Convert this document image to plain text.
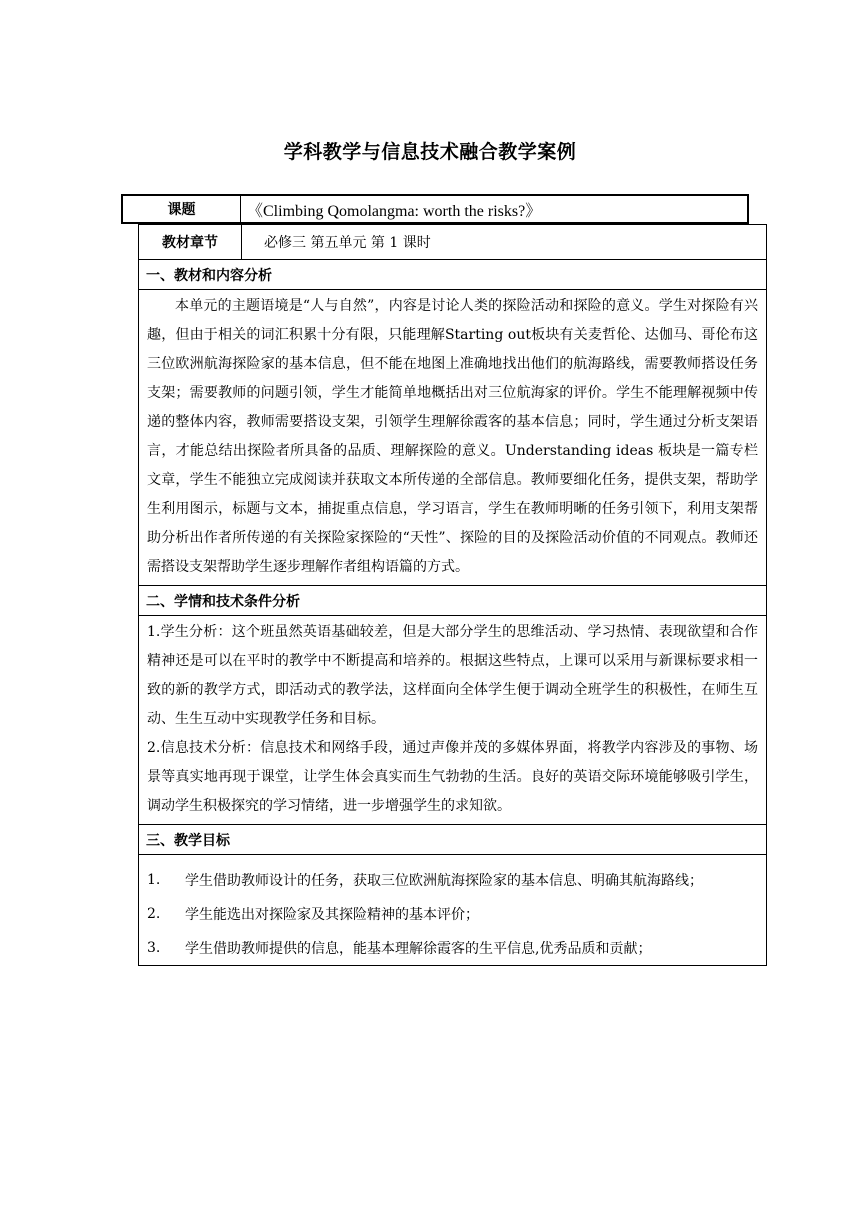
学科教学与信息技术融合教学案例
课题	《Climbing Qomolangma: worth the risks?》
教材章节	必修三 第五单元 第 1 课时
一、教材和内容分析

本单元的主题语境是“人与自然”，内容是讨论人类的探险活动和探险的意义。学生对探险有兴趣，但由于相关的词汇积累十分有限，只能理解Starting out板块有关麦哲伦、达伽马、哥伦布这三位欧洲航海探险家的基本信息，但不能在地图上准确地找出他们的航海路线，需要教师搭设任务支架；需要教师的问题引领，学生才能简单地概括出对三位航海家的评价。学生不能理解视频中传递的整体内容，教师需要搭设支架，引领学生理解徐霞客的基本信息；同时，学生通过分析支架语言，才能总结出探险者所具备的品质、理解探险的意义。Understanding ideas 板块是一篇专栏文章，学生不能独立完成阅读并获取文本所传递的全部信息。教师要细化任务，提供支架，帮助学生利用图示，标题与文本，捕捉重点信息，学习语言，学生在教师明晰的任务引领下，利用支架帮助分析出作者所传递的有关探险家探险的“天性”、探险的目的及探险活动价值的不同观点。教师还需搭设支架帮助学生逐步理解作者组构语篇的方式。

二、学情和技术条件分析

1.学生分析：这个班虽然英语基础较差，但是大部分学生的思维活动、学习热情、表现欲望和合作精神还是可以在平时的教学中不断提高和培养的。根据这些特点，上课可以采用与新课标要求相一致的新的教学方式，即活动式的教学法，这样面向全体学生便于调动全班学生的积极性，在师生互动、生生互动中实现教学任务和目标。

2.信息技术分析：信息技术和网络手段，通过声像并茂的多媒体界面，将教学内容涉及的事物、场景等真实地再现于课堂，让学生体会真实而生气勃勃的生活。良好的英语交际环境能够吸引学生，调动学生积极探究的学习情绪，进一步增强学生的求知欲。

三、教学目标
1.	学生借助教师设计的任务，获取三位欧洲航海探险家的基本信息、明确其航海路线；
2.	学生能选出对探险家及其探险精神的基本评价；
3.	学生借助教师提供的信息，能基本理解徐霞客的生平信息,优秀品质和贡献；
